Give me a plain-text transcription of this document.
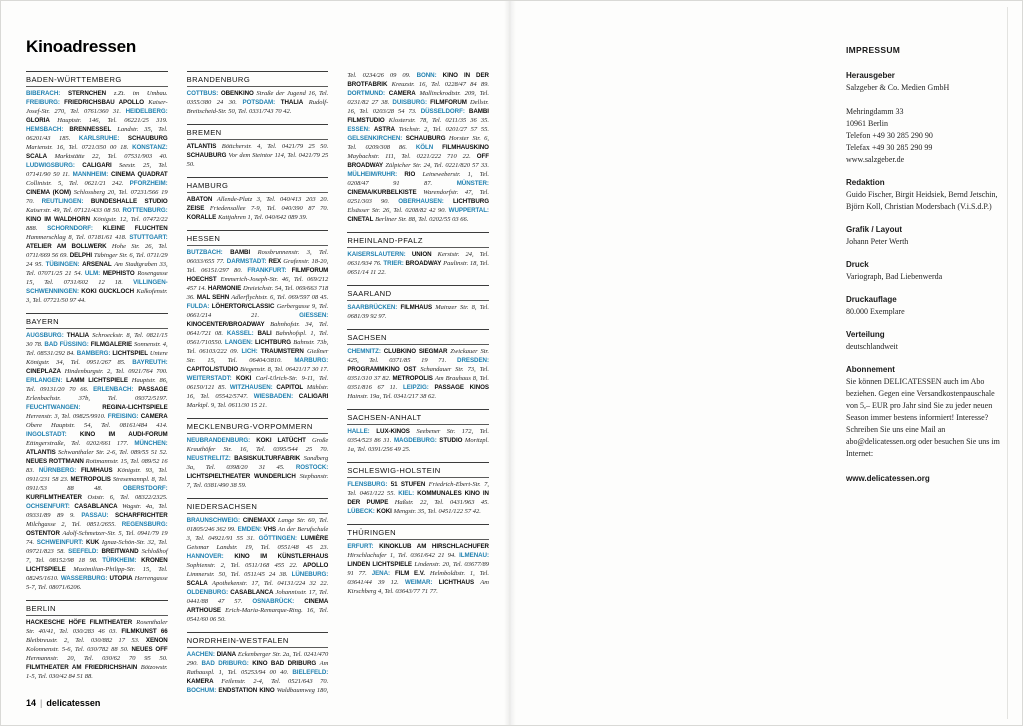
Kinoadressen
BADEN-WÜRTTEMBERG

BIBERACH: STERNCHEN z.Zt. im Umbau. FREIBURG: FRIEDRICHSBAU APOLLO Kaiser-Josef-Str. 270, Tel. 0761/360 31. HEIDELBERG: GLORIA Hauptstr. 146, Tel. 06221/25 319. HEMSBACH: BRENNESSEL Landstr. 35, Tel. 06201/43 185. KARLSRUHE: SCHAUBURG Marienstr. 16, Tel. 0721/350 00 18. KONSTANZ: SCALA Marktstätte 22, Tel. 07531/903 40. LUDWIGSBURG: CALIGARI Seestr. 25, Tel. 07141/90 50 11. MANNHEIM: CINEMA QUADRAT Collinistr. 5, Tel. 0621/21 242. PFORZHEIM: CINEMA (KOM) Schlossberg 20, Tel. 07231/566 19 70. REUTLINGEN: BUNDESHALLE STUDIO Kaiserstr. 49, Tel. 07121/433 08 50. ROTTENBURG: KINO IM WALDHORN Königstr. 12, Tel. 07472/22 888. SCHORNDORF: KLEINE FLUCHTEN Hammerschlag 8, Tel. 07181/61 418. STUTTGART: ATELIER AM BOLLWERK Hohe Str. 26, Tel. 0711/669 56 69. DELPHI Tübinger Str. 6, Tel. 0711/29 24 95. TÜBINGEN: ARSENAL Am Stadtgraben 33, Tel. 07071/25 21 54. ULM: MEPHISTO Rosengasse 15, Tel. 0731/602 12 18. VILLINGEN-SCHWENNINGEN: KOKI GUCKLOCH Kalkofenstr. 3, Tel. 07721/50 97 44.

BAYERN

AUGSBURG: THALIA Schroeckstr. 8, Tel. 0821/15 30 78. BAD FÜSSING: FILMGALERIE Sonnenstr. 4, Tel. 08531/292 84. BAMBERG: LICHTSPIEL Untere Königstr. 34, Tel. 0951/267 85. BAYREUTH: CINEPLAZA Hindenburgstr. 2, Tel. 0921/764 700. ERLANGEN: LAMM LICHTSPIELE Hauptstr. 86, Tel. 09131/20 70 66. ERLENBACH: PASSAGE Erlenbachstr. 37b, Tel. 09372/5197. FEUCHTWANGEN:	REGINA-LICHTSPIELE Herrenstr. 3, Tel. 09825/9910. FREISING: CAMERA Obere Hauptstr. 54, Tel. 08161/484 414. INGOLSTADT: KINO IM AUDI-FORUM Ettingerstraße, Tel. 0202/661 177. MÜNCHEN: ATLANTIS Schwanthaler Str. 2-6, Tel. 089/55 51 52. NEUES ROTTMANN Rottmannstr. 15, Tel. 089/52 16 83. NÜRNBERG: FILMHAUS Königstr. 93, Tel. 0911/231 58 23. METROPOLIS Stresemannpl. 8, Tel. 0911/53 88 48.	OBERSTDORF: KURFILMTHEATER Oststr. 6, Tel. 08322/2325. OCHSENFURT: CASABLANCA Wagstr. 4a, Tel. 09331/89 89 9. PASSAU: SCHARFRICHTER Milchgasse 2, Tel. 0851/2655. REGENSBURG: OSTENTOR Adolf-Schmetzer-Str. 5, Tel. 0941/79 19 74. SCHWEINFURT: KUK Ignaz-Schön-Str. 32, Tel. 09721/823 58. SEEFELD: BREITWAND Schloßhof 7, Tel. 08152/98 18 98. TÜRKHEIM: KRONEN LICHTSPIELE Maximilian-Philipp-Str. 15, Tel. 08245/1610. WASSERBURG: UTOPIA Herrengasse 5-7, Tel. 08071/6206.

BERLIN

HACKESCHE HÖFE FILMTHEATER Rosenthaler Str. 40/41, Tel. 030/283 46 03. FILMKUNST 66 Bleibtreustr. 2, Tel. 030/882 17 53. XENON Kolonnenstr. 5-6, Tel. 030/782 88 50. NEUES OFF Hermannstr. 20, Tel. 030/62 70 95 50. FILMTHEATER AM FRIEDRICHSHAIN Bötzowstr. 1-5, Tel. 030/42 84 51 88.

BRANDENBURG

COTTBUS: OBENKINO Straße der Jugend 16, Tel. 0355/380 24 30. POTSDAM: THALIA Rudolf-Breitscheid-Str. 50, Tel. 0331/743 70 42.

BREMEN

ATLANTIS Böttcherstr. 4, Tel. 0421/79 25 50. SCHAUBURG Vor dem Steintor 114, Tel. 0421/79 25 50.

HAMBURG

ABATON Allende-Platz 3, Tel. 040/413 203 20. ZEISE Friedensallee 7-9, Tel. 040/390 87 70. KORALLE Kattjahren 1, Tel. 040/642 089 39.

HESSEN

BUTZBACH: BAMBI Rossbrunnenstr. 3, Tel. 06033/655 77. DARMSTADT: REX Grafenstr. 18-20, Tel. 06151/297 80. FRANKFURT: FILMFORUM HOECHST Emmerich-Joseph-Str. 46, Tel. 069/212 457 14. HARMONIE Dreieichstr. 54, Tel. 069/663 718 36. MAL SEHN Adlerflychtstr. 6, Tel. 069/597 08 45. FULDA: LÖHERTOR/CLASSIC Gerbergasse 9, Tel. 0661/214 21.	GIESSEN: KINOCENTER/BROADWAY Bahnhofstr. 34, Tel. 0641/721 08. KASSEL: BALI Bahnhofspl. 1, Tel. 0561/710550. LANGEN: LICHTBURG Bahnstr. 73b, Tel. 06103/222 09. LICH: TRAUMSTERN Gießner Str. 15, Tel. 06404/3810. MARBURG: CAPITOL/STUDIO Biegenstr. 8, Tel. 06421/17 30 17. WEITERSTADT: KOKI Carl-Ulrich-Str. 9-11, Tel. 06150/121 85. WITZHAUSEN: CAPITOL Mühlstr. 16, Tel. 05542/5747. WIESBADEN: CALIGARI Marktpl. 9, Tel. 0611/30 15 21.

MECKLENBURG-VORPOMMERN

NEUBRANDENBURG: KOKI LATÜCHT Große Krauthöfer Str. 16, Tel. 0395/544 25 70. NEUSTRELITZ: BASISKULTURFABRIK Sandberg 3a, Tel. 0398/20 31 45. ROSTOCK: LICHTSPIELTHEATER WUNDERLICH Stephanstr. 7, Tel. 0381/490 38 59.

NIEDERSACHSEN

BRAUNSCHWEIG: CINEMAXX Lange Str. 60, Tel. 01805/246 362 99. EMDEN: VHS An der Berufschule 3, Tel. 04921/91 55 31. GÖTTINGEN: LUMIÈRE Geismar Landstr. 19, Tel. 0551/48 45 23. HANNOVER: KINO IM KÜNSTLERHAUS Sophienstr. 2, Tel. 0511/168 455 22. APOLLO Limmerstr. 50, Tel. 0511/45 24 38. LÜNEBURG: SCALA Apothekenstr. 17, Tel. 04131/224 32 22. OLDENBURG: CASABLANCA Johannisstr. 17, Tel. 0441/88 47 57. OSNABRÜCK: CINEMA ARTHOUSE Erich-Maria-Remarque-Ring. 16, Tel. 0541/60 06 50.

NORDRHEIN-WESTFALEN

AACHEN: DIANA Eckenberger Str. 2a, Tel. 0241/470 290. BAD DRIBURG: KINO BAD DRIBURG Am Rathauspl. 1, Tel. 05253/94 00 40. BIELEFELD: KAMERA Feilenstr. 2-4, Tel. 0521/643 70. BOCHUM: ENDSTATION KINO Waldbaumweg 180, Tel. 0234/26 09 09. BONN: KINO IN DER BROTFABRIK Kreuzstr. 16, Tel. 0228/47 84 89. DORTMUND: CAMERA Mallinckrodtstr. 209, Tel. 0231/82 27 38. DUISBURG: FILMFORUM Dellstr. 16, Tel. 0203/28 54 73. DÜSSELDORF: BAMBI FILMSTUDIO Klosterstr. 78, Tel. 0211/35 36 35. ESSEN: ASTRA Teichstr. 2, Tel. 0201/27 57 55. GELSENKIRCHEN: SCHAUBURG Horster Str. 6, Tel. 0209/308 86. KÖLN FILMHAUSKINO Maybachstr. 111, Tel. 0221/222 710 22. OFF BROADWAY Zülpicher Str. 24, Tel. 0221/820 57 33. MÜLHEIM/RUHR: RIO Leineweberstr. 1, Tel. 0208/47 91 87.	MÜNSTER: CINEMA/KURBELKISTE Warendorfstr. 47, Tel. 0251/303 90. OBERHAUSEN: LICHTBURG Elsässer Str. 26, Tel. 0208/82 42 90. WUPPERTAL: CINETAL Berliner Str. 88, Tel. 0202/55 03 66.

RHEINLAND-PFALZ

KAISERSLAUTERN: UNION Kerststr. 24, Tel. 0631/934 76. TRIER: BROADWAY Paulinstr. 18, Tel. 0651/14 11 22.

SAARLAND

SAARBRÜCKEN: FILMHAUS Mainzer Str. 8, Tel. 0681/39 92 97.

SACHSEN

CHEMNITZ: CLUBKINO SIEGMAR Zwickauer Str. 425, Tel. 0371/85 19 71. DRESDEN: PROGRAMMKINO OST Schandauer Str. 73, Tel. 0351/310 37 82. METROPOLIS Am Brauhaus 8, Tel. 0351/816 67 11. LEIPZIG: PASSAGE KINOS Hainstr. 19a, Tel. 0341/217 38 62.

SACHSEN-ANHALT

HALLE: LUX-KINOS Seebener Str. 172, Tel. 0354/523 86 31. MAGDEBURG: STUDIO Moritzpl. 1a, Tel. 0391/256 49 25.

SCHLESWIG-HOLSTEIN

FLENSBURG: 51 STUFEN Friedrich-Ebert-Str. 7, Tel. 0461/122 55. KIEL: KOMMUNALES KINO IN DER PUMPE Haßstr. 22, Tel. 0431/963 45. LÜBECK: KOKI Mengstr. 35, Tel. 0451/122 57 42.

THÜRINGEN

ERFURT: KINOKLUB AM HIRSCHLACHUFER Hirschlachufer 1, Tel. 0361/642 21 94. ILMENAU: LINDEN LICHTSPIELE Lindenstr. 20, Tel. 03677/89 91 77. JENA: FILM E.V. Helmboldtstr. 1, Tel. 03641/44 39 12. WEIMAR: LICHTHAUS Am Kirschberg 4, Tel. 03643/77 71 77.

14 | delicatessen
IMPRESSUM
Herausgeber
Salzgeber & Co. Medien GmbH
Mehringdamm 33
10961 Berlin
Telefon +49 30 285 290 90
Telefax +49 30 285 290 99
www.salzgeber.de
Redaktion
Guido Fischer, Birgit Heidsiek, Bernd Jetschin, Björn Koll, Christian Modersbach (V.i.S.d.P.)
Grafik / Layout
Johann Peter Werth
Druck
Variograph, Bad Liebenwerda
Druckauflage
80.000 Exemplare
Verteilung
deutschlandweit
Abonnement
Sie können DELICATESSEN auch im Abo beziehen. Gegen eine Versandkostenpauschale von 5,– EUR pro Jahr sind Sie zu jeder neuen Season immer bestens informiert! Interesse? Schreiben Sie uns eine Mail an abo@delicatessen.org oder besuchen Sie uns im Internet:
www.delicatessen.org
